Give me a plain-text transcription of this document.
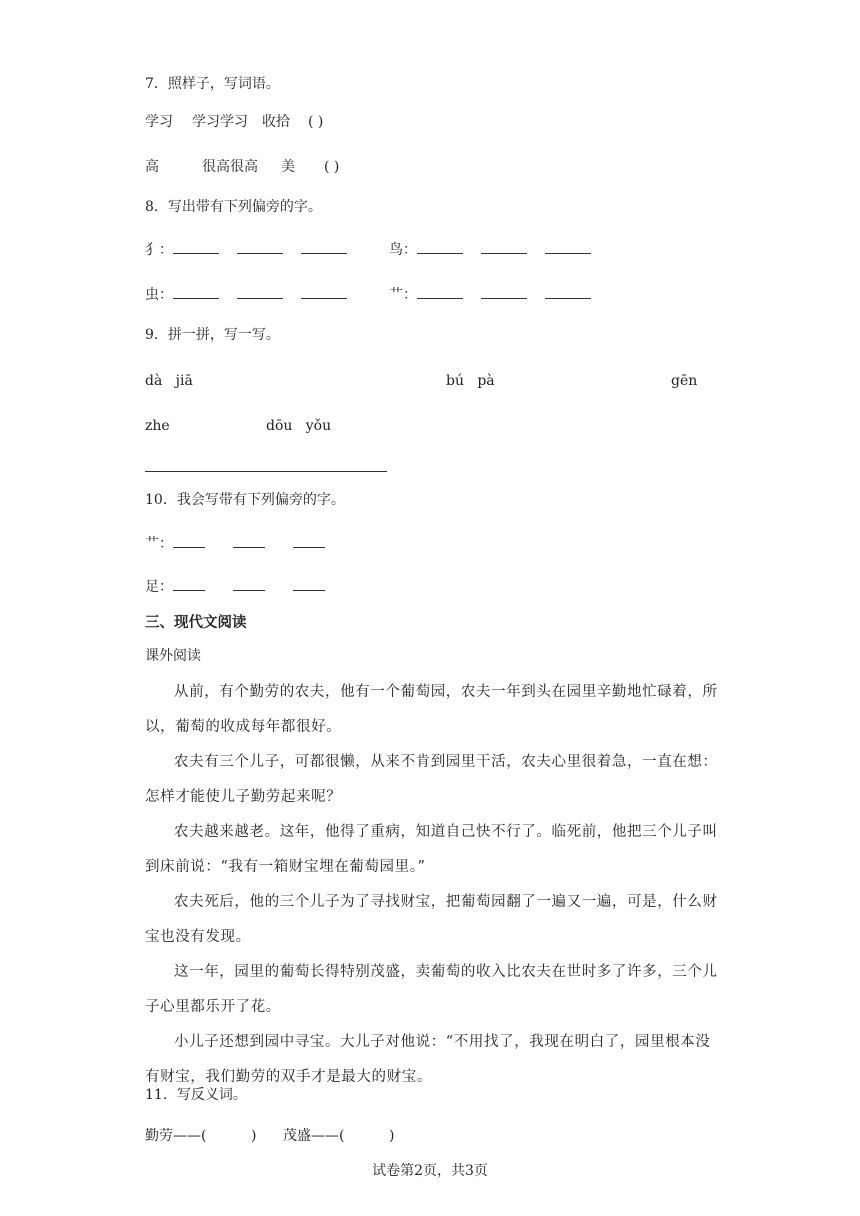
7．照样子，写词语。
学习 学习学习 收拾 ( )
高	很高很高 美 ( )
8．写出带有下列偏旁的字。
犭：	鸟：
虫：	艹：
9．拼一拼，写一写。
dà   jiā	bú   pà	gēn
zhe	dōu   yǒu
10．我会写带有下列偏旁的字。
艹：
足：
三、现代文阅读
课外阅读

从前，有个勤劳的农夫，他有一个葡萄园，农夫一年到头在园里辛勤地忙碌着，所以，葡萄的收成每年都很好。

农夫有三个儿子，可都很懒，从来不肯到园里干活，农夫心里很着急，一直在想：怎样才能使儿子勤劳起来呢？

农夫越来越老。这年，他得了重病，知道自己快不行了。临死前，他把三个儿子叫到床前说：“我有一箱财宝埋在葡萄园里。”

农夫死后，他的三个儿子为了寻找财宝，把葡萄园翻了一遍又一遍，可是，什么财宝也没有发现。

这一年，园里的葡萄长得特别茂盛，卖葡萄的收入比农夫在世时多了许多，三个儿子心里都乐开了花。

小儿子还想到园中寻宝。大儿子对他说：“不用找了，我现在明白了，园里根本没有财宝，我们勤劳的双手才是最大的财宝。

11．写反义词。
勤劳——(          ) 茂盛——(          )
试卷第2页，共3页
